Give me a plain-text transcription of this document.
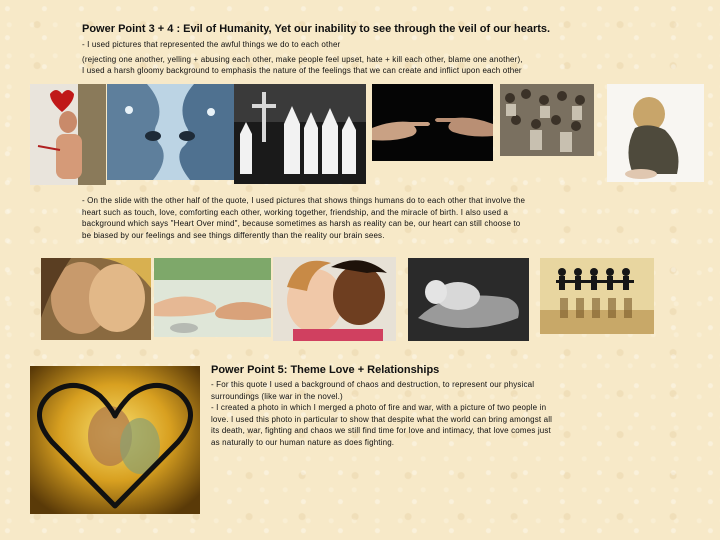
Power Point 3 + 4 : Evil of Humanity, Yet our inability to see through the veil of our hearts.

- I used pictures that represented the awful things we do to each other

(rejecting one another, yelling + abusing each other, make people feel upset, hate + kill each other, blame one another),

I used a harsh gloomy background to emphasis the nature of the feelings that we can create and inflict upon each other

- On the slide with the other half of the quote, I used pictures that shows things humans do to each other that involve the

heart such as touch, love, comforting each other, working together, friendship, and the miracle of birth. I also used a

background which says "Heart Over mind", because sometimes as harsh as reality can be, our heart can still choose to

be biased by our feelings and see things differently than the reality our brain sees.

Power Point 5: Theme Love + Relationships

- For this quote I used a background of chaos and destruction, to represent our physical

surroundings (like war in the novel.)

- I created a photo in which I merged a photo of fire and war, with a picture of two people in

love. I used this photo in particular to show that despite what the world can bring amongst all

its death, war, fighting and chaos we still find time for love and intimacy, that love comes just

as naturally to our human nature as does fighting.
